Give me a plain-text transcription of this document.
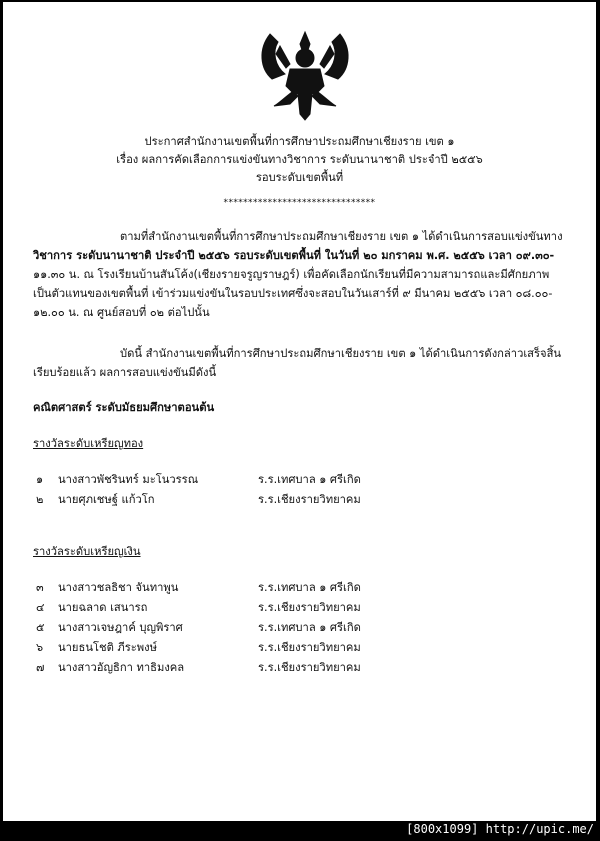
ประกาศสำนักงานเขตพื้นที่การศึกษาประถมศึกษาเชียงราย เขต ๑
เรื่อง ผลการคัดเลือกการแข่งขันทางวิชาการ ระดับนานาชาติ ประจำปี ๒๕๕๖
รอบระดับเขตพื้นที่
*******************************
ตามที่สำนักงานเขตพื้นที่การศึกษาประถมศึกษาเชียงราย เขต ๑ ได้ดำเนินการสอบแข่งขันทาง
วิชาการ ระดับนานาชาติ ประจำปี ๒๕๕๖ รอบระดับเขตพื้นที่ ในวันที่ ๒๐ มกราคม พ.ศ. ๒๕๕๖ เวลา ๐๙.๓๐-
๑๑.๓๐ น. ณ โรงเรียนบ้านสันโค้ง(เชียงรายจรูญราษฎร์) เพื่อคัดเลือกนักเรียนที่มีความสามารถและมีศักยภาพ
เป็นตัวแทนของเขตพื้นที่ เข้าร่วมแข่งขันในรอบประเทศซึ่งจะสอบในวันเสาร์ที่ ๙ มีนาคม ๒๕๕๖ เวลา ๐๘.๐๐-
๑๒.๐๐ น. ณ ศูนย์สอบที่ ๐๒ ต่อไปนั้น
บัดนี้ สำนักงานเขตพื้นที่การศึกษาประถมศึกษาเชียงราย เขต ๑ ได้ดำเนินการดังกล่าวเสร็จสิ้น
เรียบร้อยแล้ว ผลการสอบแข่งขันมีดังนี้
คณิตศาสตร์ ระดับมัธยมศึกษาตอนต้น
รางวัลระดับเหรียญทอง
๑ นางสาวพัชรินทร์ มะโนวรรณ	ร.ร.เทศบาล ๑ ศรีเกิด
๒ นายศุภเชษฐ์ แก้วโก	ร.ร.เชียงรายวิทยาคม
รางวัลระดับเหรียญเงิน
๓ นางสาวชลธิชา จันทาพูน	ร.ร.เทศบาล ๑ ศรีเกิด
๔ นายฉลาด เสนารถ	ร.ร.เชียงรายวิทยาคม
๕ นางสาวเจษฎาค์ บุญพิราศ	ร.ร.เทศบาล ๑ ศรีเกิด
๖ นายธนโชติ ภีระพงษ์	ร.ร.เชียงรายวิทยาคม
๗ นางสาวอัญธิกา ทาธิมงคล	ร.ร.เชียงรายวิทยาคม
[800x1099] http://upic.me/
